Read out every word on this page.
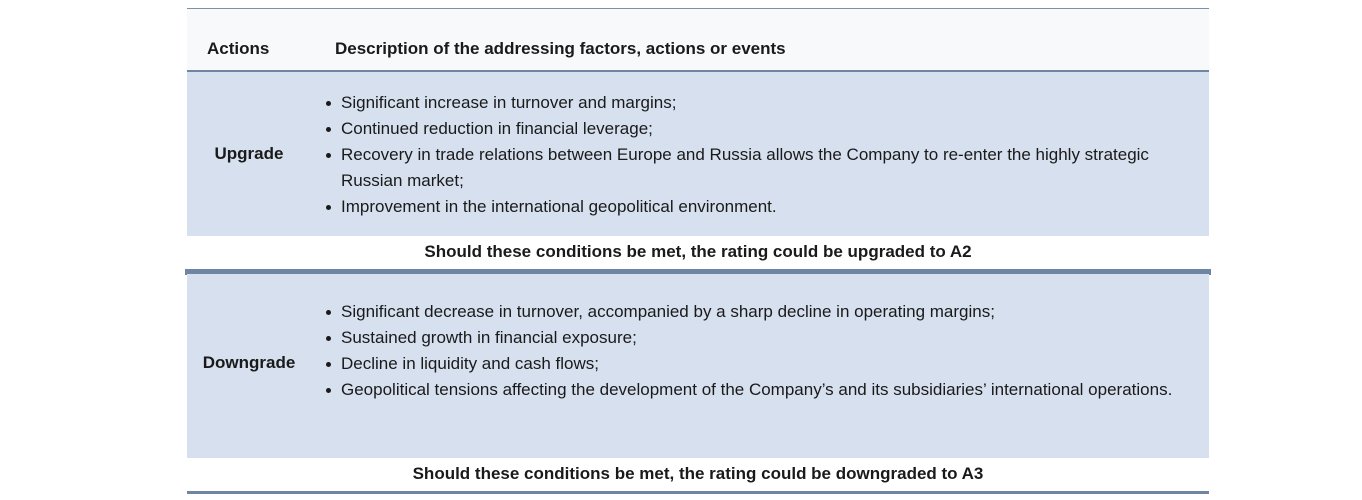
Actions	Description of the addressing factors, actions or events
Upgrade
Significant increase in turnover and margins;
Continued reduction in financial leverage;
Recovery in trade relations between Europe and Russia allows the Company to re-enter the highly strategic Russian market;
Improvement in the international geopolitical environment.
Should these conditions be met, the rating could be upgraded to A2
Downgrade
Significant decrease in turnover, accompanied by a sharp decline in operating margins;
Sustained growth in financial exposure;
Decline in liquidity and cash flows;
Geopolitical tensions affecting the development of the Company’s and its subsidiaries’ international operations.
Should these conditions be met, the rating could be downgraded to A3
